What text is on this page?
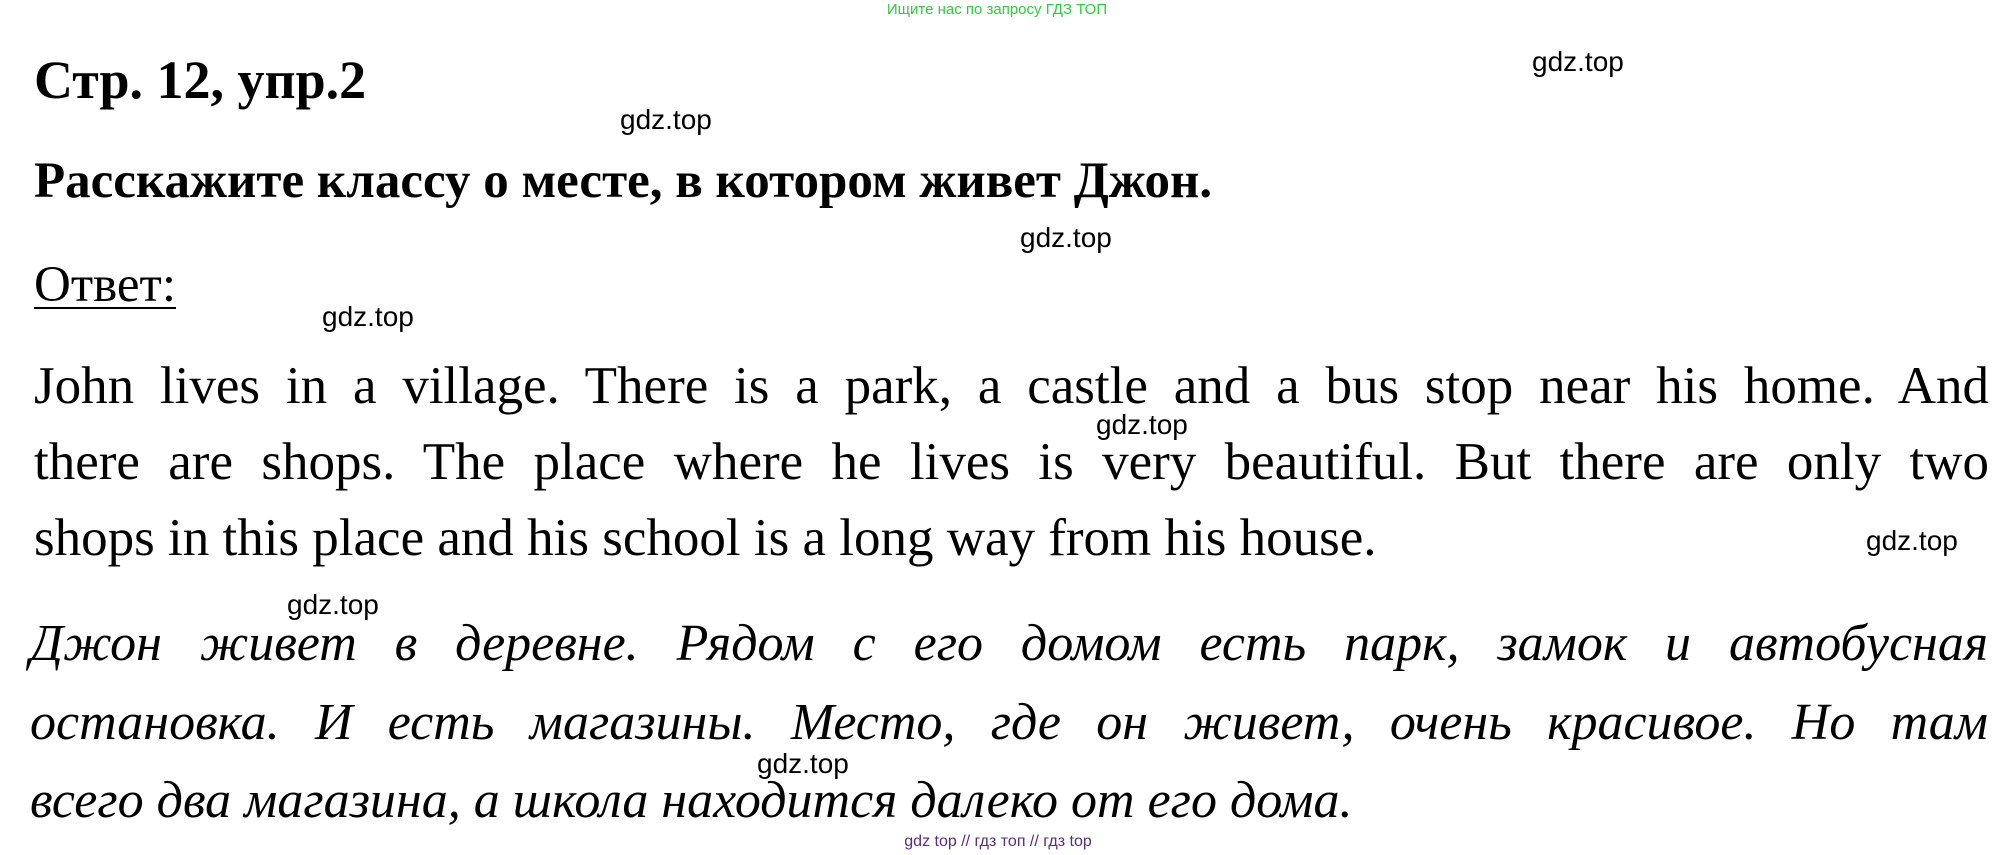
Ищите нас по запросу ГДЗ ТОП
Стр. 12, упр.2	gdz.top
gdz.top
Расскажите классу о месте, в котором живет Джон.
gdz.top
Ответ:
gdz.top

John lives in a village. There is a park, a castle and a bus stop near his home. And

there are shops. The place where he lives is very beautiful. But there are only two

shops in this place and his school is a long way from his house.

gdz.top
gdz.top
gdz.top

Джон живет в деревне. Рядом с его домом есть парк, замок и автобусная

остановка. И есть магазины. Место, где он живет, очень красивое. Но там

всего два магазина, а школа находится далеко от его дома.

gdz.top
gdz top // гдз топ // гдз top
